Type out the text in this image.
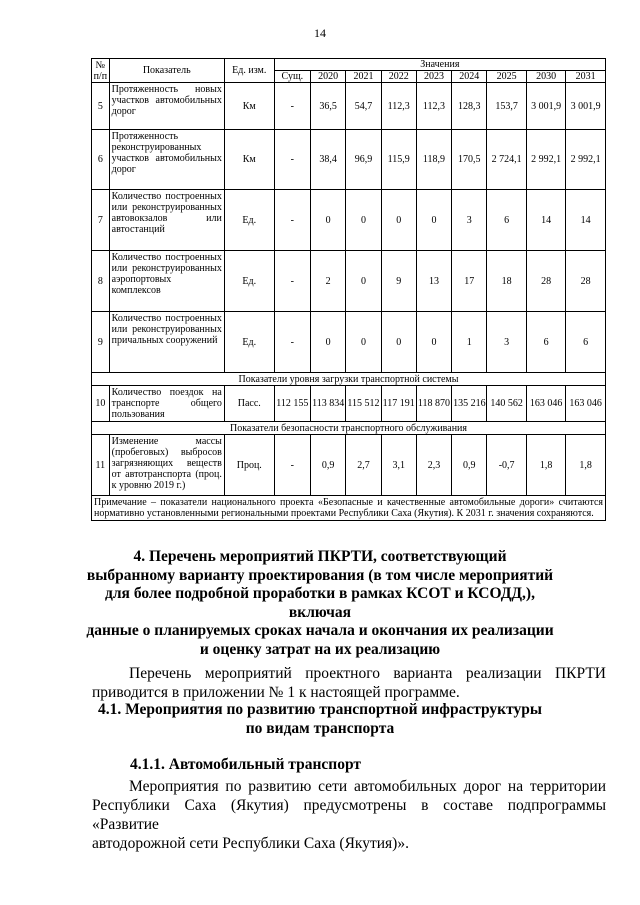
14
№ п/п	Показатель	Ед. изм.	Значения								
			Сущ.	2020	2021	2022	2023	2024	2025	2030	2031
5	Протяженность новых участков автомобильных дорог	Км	-	36,5	54,7	112,3	112,3	128,3	153,7	3 001,9	3 001,9
6	Протяженность реконструированных участков автомобильных дорог	Км	-	38,4	96,9	115,9	118,9	170,5	2 724,1	2 992,1	2 992,1
7	Количество построенных или реконструированных автовокзалов или автостанций	Ед.	-	0	0	0	0	3	6	14	14
8	Количество построенных или реконструированных аэропортовых комплексов	Ед.	-	2	0	9	13	17	18	28	28
9	Количество построенных или реконструированных причальных сооружений	Ед.	-	0	0	0	0	1	3	6	6
Показатели уровня загрузки транспортной системы											
10	Количество поездок на транспорте общего пользования	Пасс.	112 155	113 834	115 512	117 191	118 870	135 216	140 562	163 046	163 046
Показатели безопасности транспортного обслуживания											
11	Изменение массы (пробеговых) выбросов загрязняющих веществ от автотранспорта (проц. к уровню 2019 г.)	Проц.	-	0,9	2,7	3,1	2,3	0,9	-0,7	1,8	1,8
Примечание – показатели национального проекта «Безопасные и качественные автомобильные дороги» считаются нормативно установленными региональными проектами Республики Саха (Якутия). К 2031 г. значения сохраняются.											
4. Перечень мероприятий ПКРТИ, соответствующий
выбранному варианту проектирования (в том числе мероприятий
для более подробной проработки в рамках КСОТ и КСОДД,), включая
данные о планируемых сроках начала и окончания их реализации
и оценку затрат на их реализацию
Перечень мероприятий проектного варианта реализации ПКРТИ
приводится в приложении № 1 к настоящей программе.
4.1. Мероприятия по развитию транспортной инфраструктуры
по видам транспорта
4.1.1. Автомобильный транспорт
Мероприятия по развитию сети автомобильных дорог на территории
Республики Саха (Якутия) предусмотрены в составе подпрограммы «Развитие
автодорожной сети Республики Саха (Якутия)».
